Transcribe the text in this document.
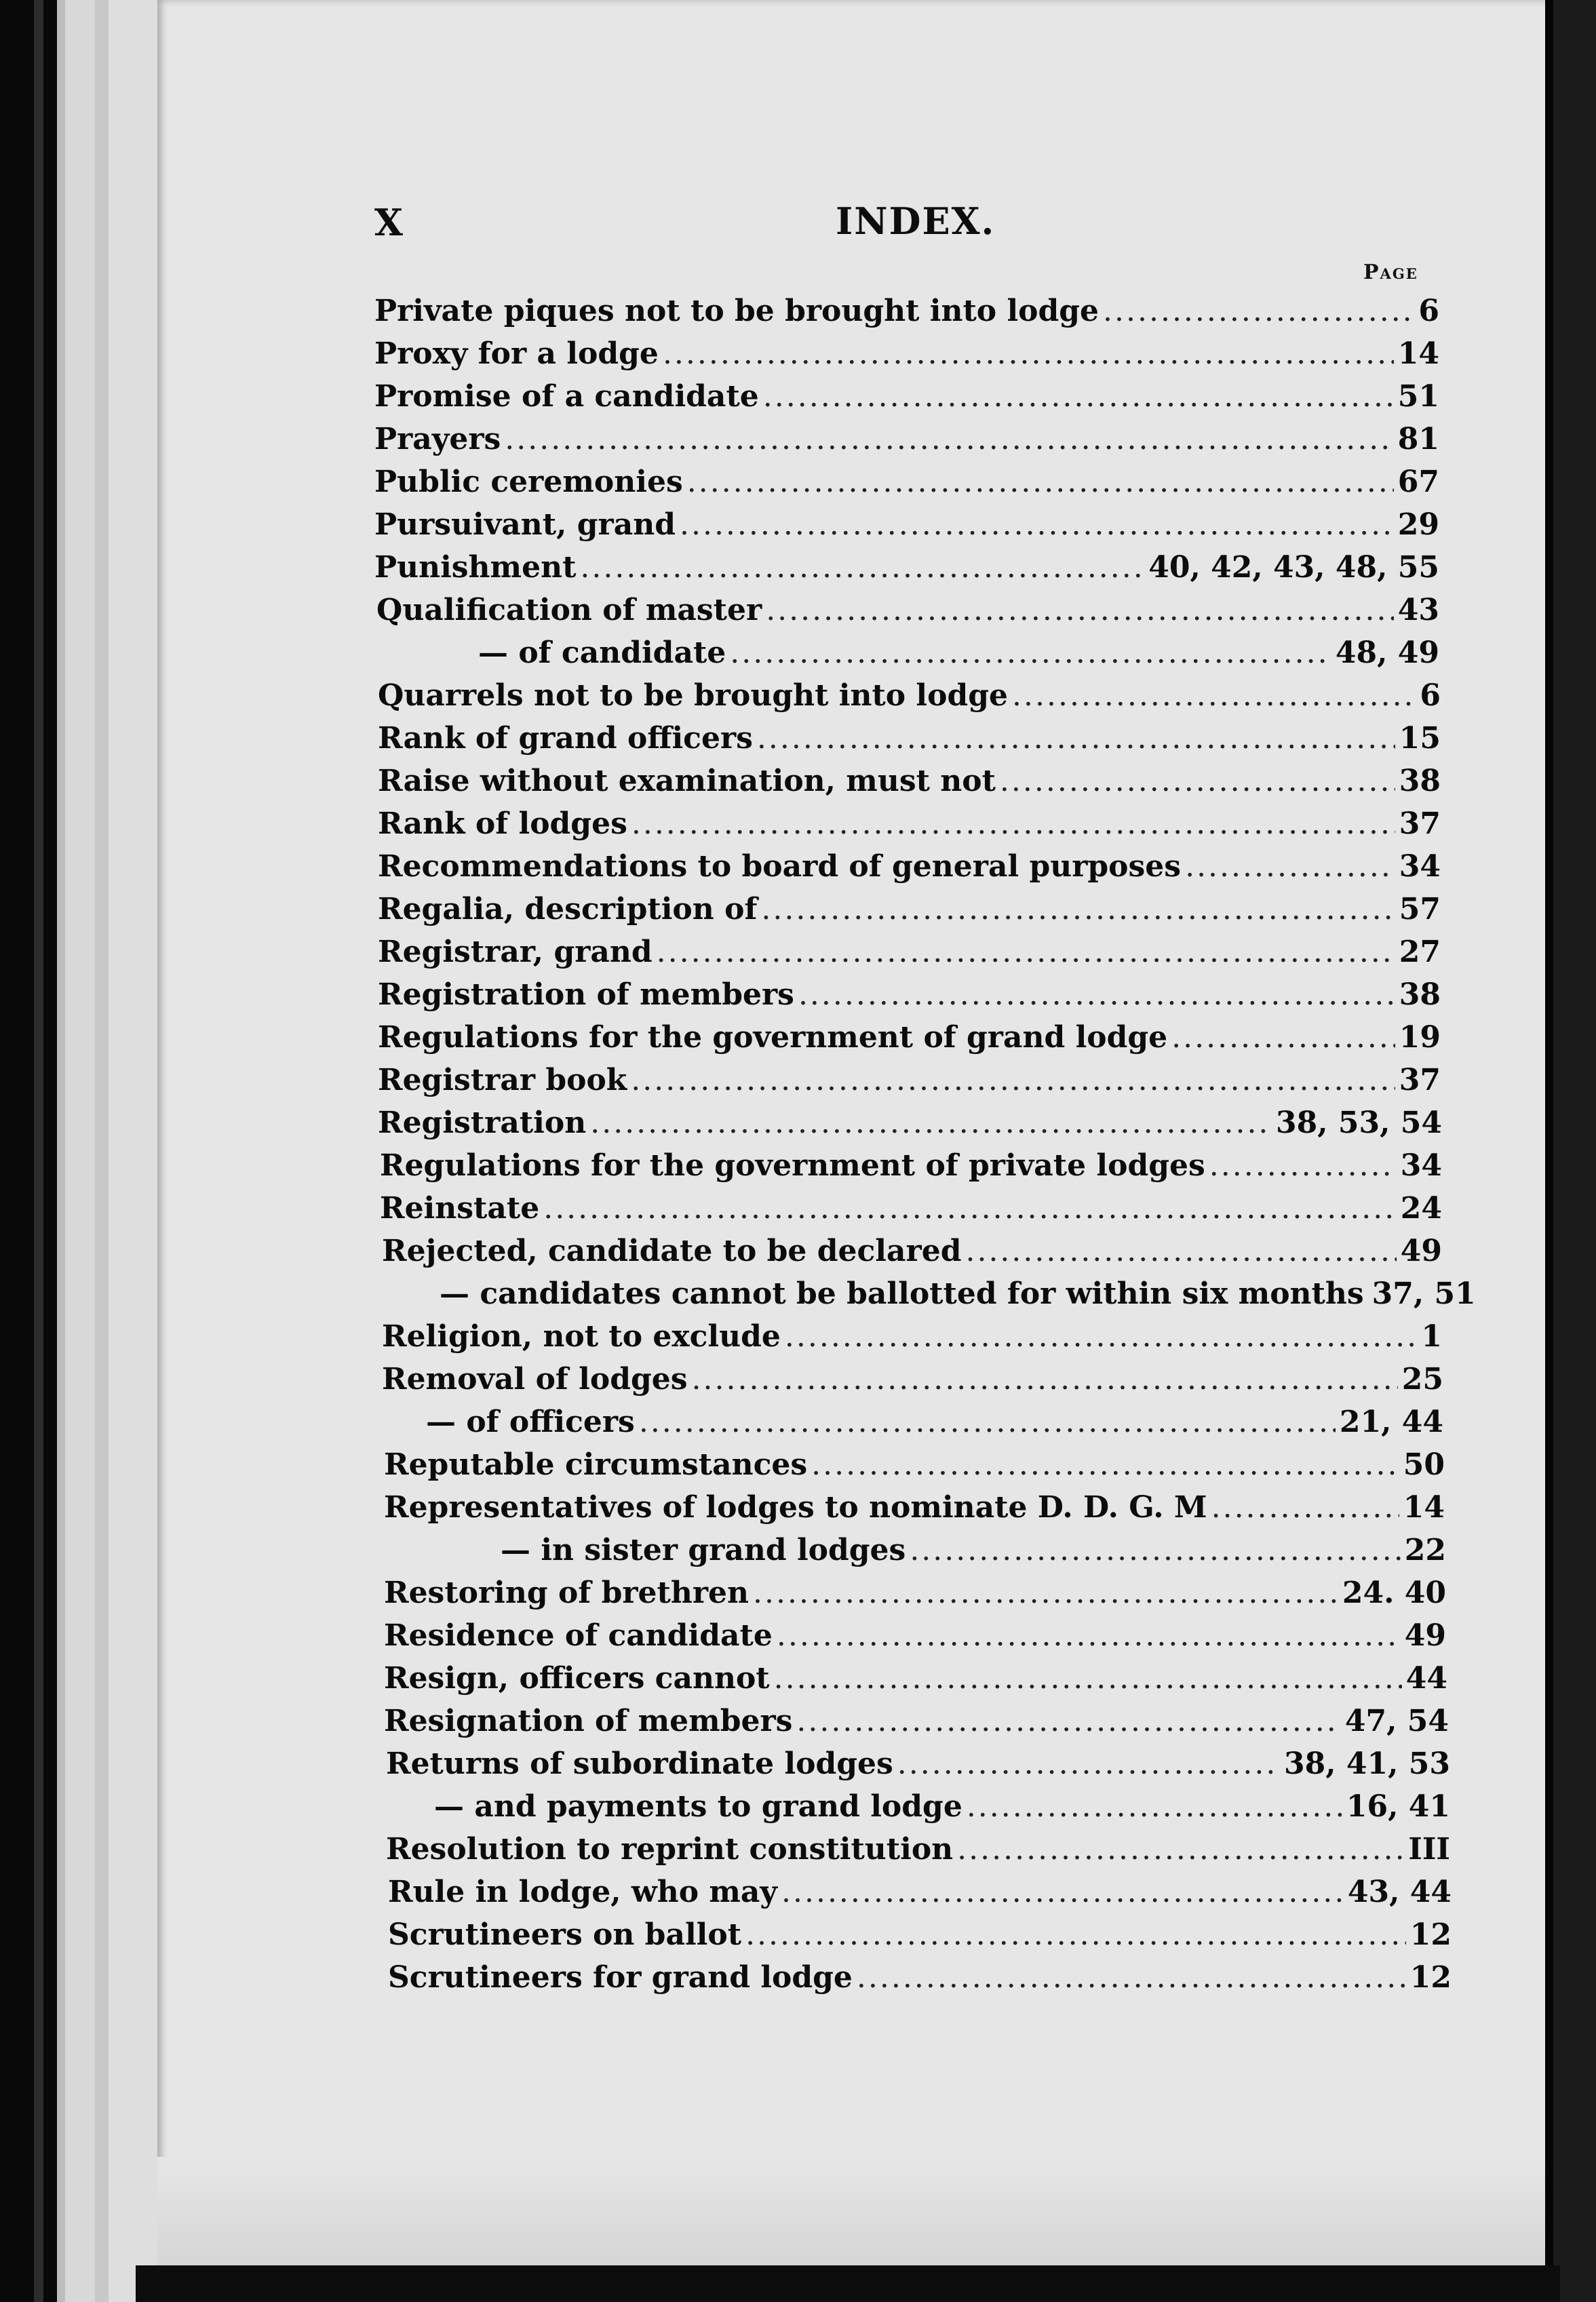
X	INDEX.
Page
Private piques not to be brought into lodge .....	6
Proxy for a lodge .....	14
Promise of a candidate .....	51
Prayers .....	81
Public ceremonies .....	67
Pursuivant, grand .....	29
Punishment .....	40, 42, 43, 48, 55
Qualification of master .....	43
— of candidate .....	48, 49
Quarrels not to be brought into lodge .....	6
Rank of grand officers .....	15
Raise without examination, must not .....	38
Rank of lodges .....	37
Recommendations to board of general purposes .....	34
Regalia, description of .....	57
Registrar, grand .....	27
Registration of members .....	38
Regulations for the government of grand lodge .....	19
Registrar book .....	37
Registration .....	38, 53, 54
Regulations for the government of private lodges .....	34
Reinstate .....	24
Rejected, candidate to be declared .....	49
— candidates cannot be ballotted for within six months 37, 51
Religion, not to exclude .....	1
Removal of lodges .....	25
— of officers .....	21, 44
Reputable circumstances .....	50
Representatives of lodges to nominate D. D. G. M .....	14
— in sister grand lodges .....	22
Restoring of brethren .....	24. 40
Residence of candidate .....	49
Resign, officers cannot .....	44
Resignation of members .....	47, 54
Returns of subordinate lodges .....	38, 41, 53
— and payments to grand lodge .....	16, 41
Resolution to reprint constitution .....	III
Rule in lodge, who may .....	43, 44
Scrutineers on ballot .....	12
Scrutineers for grand lodge .....	12
